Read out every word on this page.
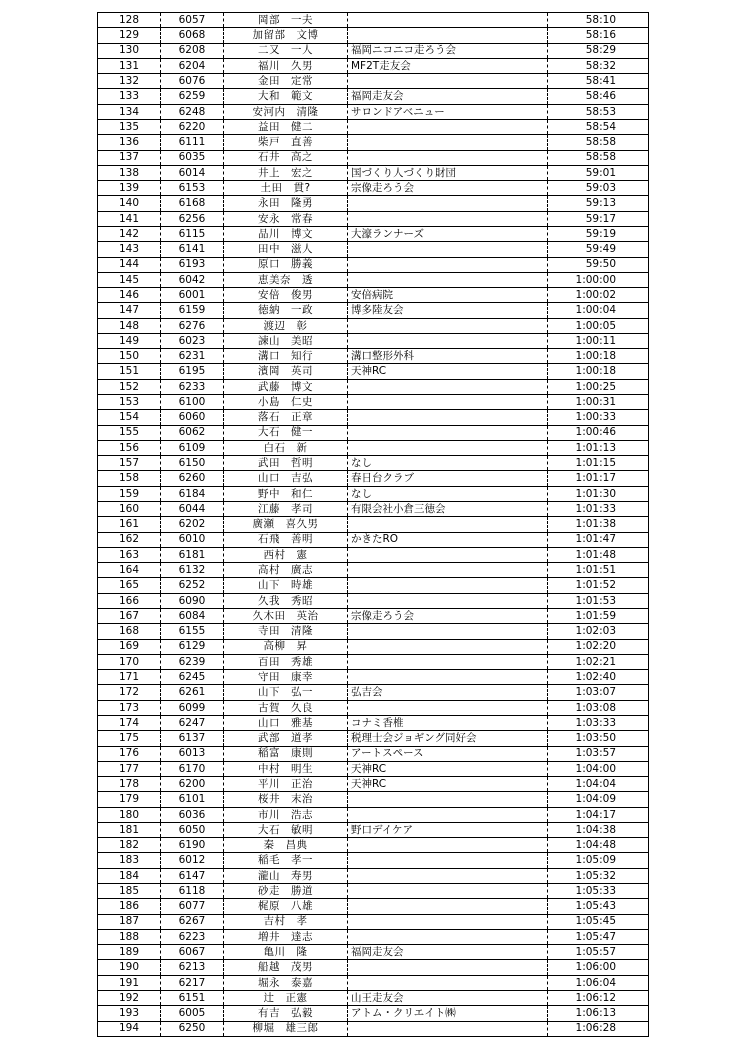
128	6057	岡部　一夫		58:10
129	6068	加留部　文博		58:16
130	6208	二又　一人	福岡ニコニコ走ろう会	58:29
131	6204	福川　久男	MF2T走友会	58:32
132	6076	金田　定常		58:41
133	6259	大和　範文	福岡走友会	58:46
134	6248	安河内　清隆	サロンドアベニュー	58:53
135	6220	益田　健二		58:54
136	6111	柴戸　直善		58:58
137	6035	石井　高之		58:58
138	6014	井上　宏之	国づくり人づくり財団	59:01
139	6153	土田　貫?	宗像走ろう会	59:03
140	6168	永田　隆勇		59:13
141	6256	安永　常春		59:17
142	6115	品川　博文	大濠ランナーズ	59:19
143	6141	田中　滋人		59:49
144	6193	原口　勝義		59:50
145	6042	恵美奈　透		1:00:00
146	6001	安倍　俊男	安倍病院	1:00:02
147	6159	徳納　一政	博多陸友会	1:00:04
148	6276	渡辺　彰		1:00:05
149	6023	諫山　美昭		1:00:11
150	6231	溝口　知行	溝口整形外科	1:00:18
151	6195	濱岡　英司	天神RC	1:00:18
152	6233	武藤　博文		1:00:25
153	6100	小島　仁史		1:00:31
154	6060	落石　正章		1:00:33
155	6062	大石　健一		1:00:46
156	6109	白石　新		1:01:13
157	6150	武田　哲明	なし	1:01:15
158	6260	山口　吉弘	春日台クラブ	1:01:17
159	6184	野中　和仁	なし	1:01:30
160	6044	江藤　孝司	有限会社小倉三徳会	1:01:33
161	6202	廣瀬　喜久男		1:01:38
162	6010	石飛　善明	かきたRO	1:01:47
163	6181	西村　憲		1:01:48
164	6132	高村　廣志		1:01:51
165	6252	山下　時雄		1:01:52
166	6090	久我　秀昭		1:01:53
167	6084	久木田　英治	宗像走ろう会	1:01:59
168	6155	寺田　清隆		1:02:03
169	6129	高柳　昇		1:02:20
170	6239	百田　秀雄		1:02:21
171	6245	守田　康幸		1:02:40
172	6261	山下　弘一	弘吉会	1:03:07
173	6099	古賀　久良		1:03:08
174	6247	山口　雅基	コナミ香椎	1:03:33
175	6137	武部　道孝	税理士会ジョギング同好会	1:03:50
176	6013	稲富　康則	アートスペース	1:03:57
177	6170	中村　明生	天神RC	1:04:00
178	6200	平川　正治	天神RC	1:04:04
179	6101	桜井　末治		1:04:09
180	6036	市川　浩志		1:04:17
181	6050	大石　敏明	野口デイケア	1:04:38
182	6190	秦　昌典		1:04:48
183	6012	稲毛　孝一		1:05:09
184	6147	瀧山　寿男		1:05:32
185	6118	砂走　勝道		1:05:33
186	6077	梶原　八雄		1:05:43
187	6267	吉村　孝		1:05:45
188	6223	増井　達志		1:05:47
189	6067	亀川　隆	福岡走友会	1:05:57
190	6213	船越　茂男		1:06:00
191	6217	堀永　泰嘉		1:06:04
192	6151	辻　正憲	山王走友会	1:06:12
193	6005	有吉　弘毅	アトム・クリエイト㈱	1:06:13
194	6250	柳堀　雄三郎		1:06:28
